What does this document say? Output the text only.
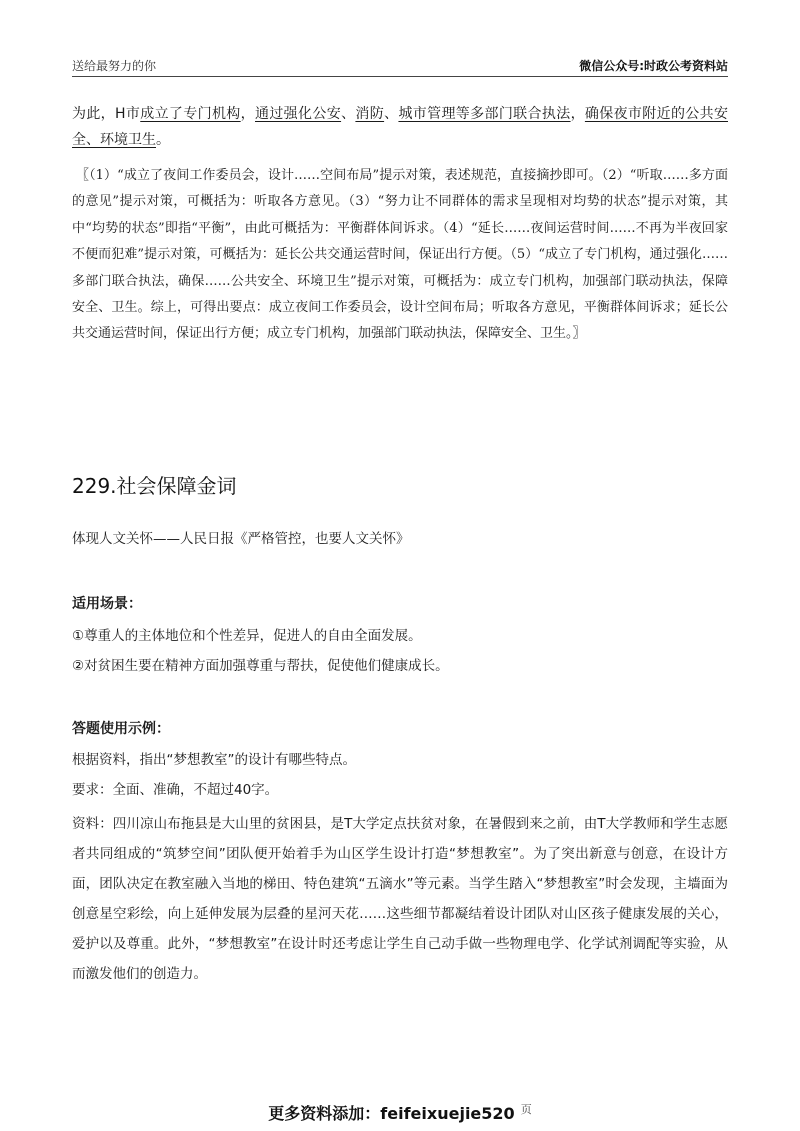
送给最努力的你	微信公众号:时政公考资料站
为此，H市成立了专门机构，通过强化公安、消防、城市管理等多部门联合执法，确保夜市附近的公共安全、环境卫生。
〖（1）“成立了夜间工作委员会，设计……空间布局”提示对策，表述规范，直接摘抄即可。（2）“听取……多方面的意见”提示对策，可概括为：听取各方意见。（3）“努力让不同群体的需求呈现相对均势的状态”提示对策，其中“均势的状态”即指“平衡”，由此可概括为：平衡群体间诉求。（4）“延长……夜间运营时间……不再为半夜回家不便而犯难”提示对策，可概括为：延长公共交通运营时间，保证出行方便。（5）“成立了专门机构，通过强化……多部门联合执法，确保……公共安全、环境卫生”提示对策，可概括为：成立专门机构，加强部门联动执法，保障安全、卫生。综上，可得出要点：成立夜间工作委员会，设计空间布局；听取各方意见，平衡群体间诉求；延长公共交通运营时间，保证出行方便；成立专门机构，加强部门联动执法，保障安全、卫生。〗
229.社会保障金词
体现人文关怀——人民日报《严格管控，也要人文关怀》
适用场景：
①尊重人的主体地位和个性差异，促进人的自由全面发展。
②对贫困生要在精神方面加强尊重与帮扶，促使他们健康成长。
答题使用示例：
根据资料，指出“梦想教室”的设计有哪些特点。
要求：全面、准确，不超过40字。
资料：四川凉山布拖县是大山里的贫困县，是T大学定点扶贫对象，在暑假到来之前，由T大学教师和学生志愿者共同组成的“筑梦空间”团队便开始着手为山区学生设计打造“梦想教室”。为了突出新意与创意，在设计方面，团队决定在教室融入当地的梯田、特色建筑“五滴水”等元素。当学生踏入“梦想教室”时会发现，主墙面为创意星空彩绘，向上延伸发展为层叠的星河天花……这些细节都凝结着设计团队对山区孩子健康发展的关心，爱护以及尊重。此外，“梦想教室”在设计时还考虑让学生自己动手做一些物理电学、化学试剂调配等实验，从而激发他们的创造力。
更多资料添加：feifeixuejie520 $^页$
